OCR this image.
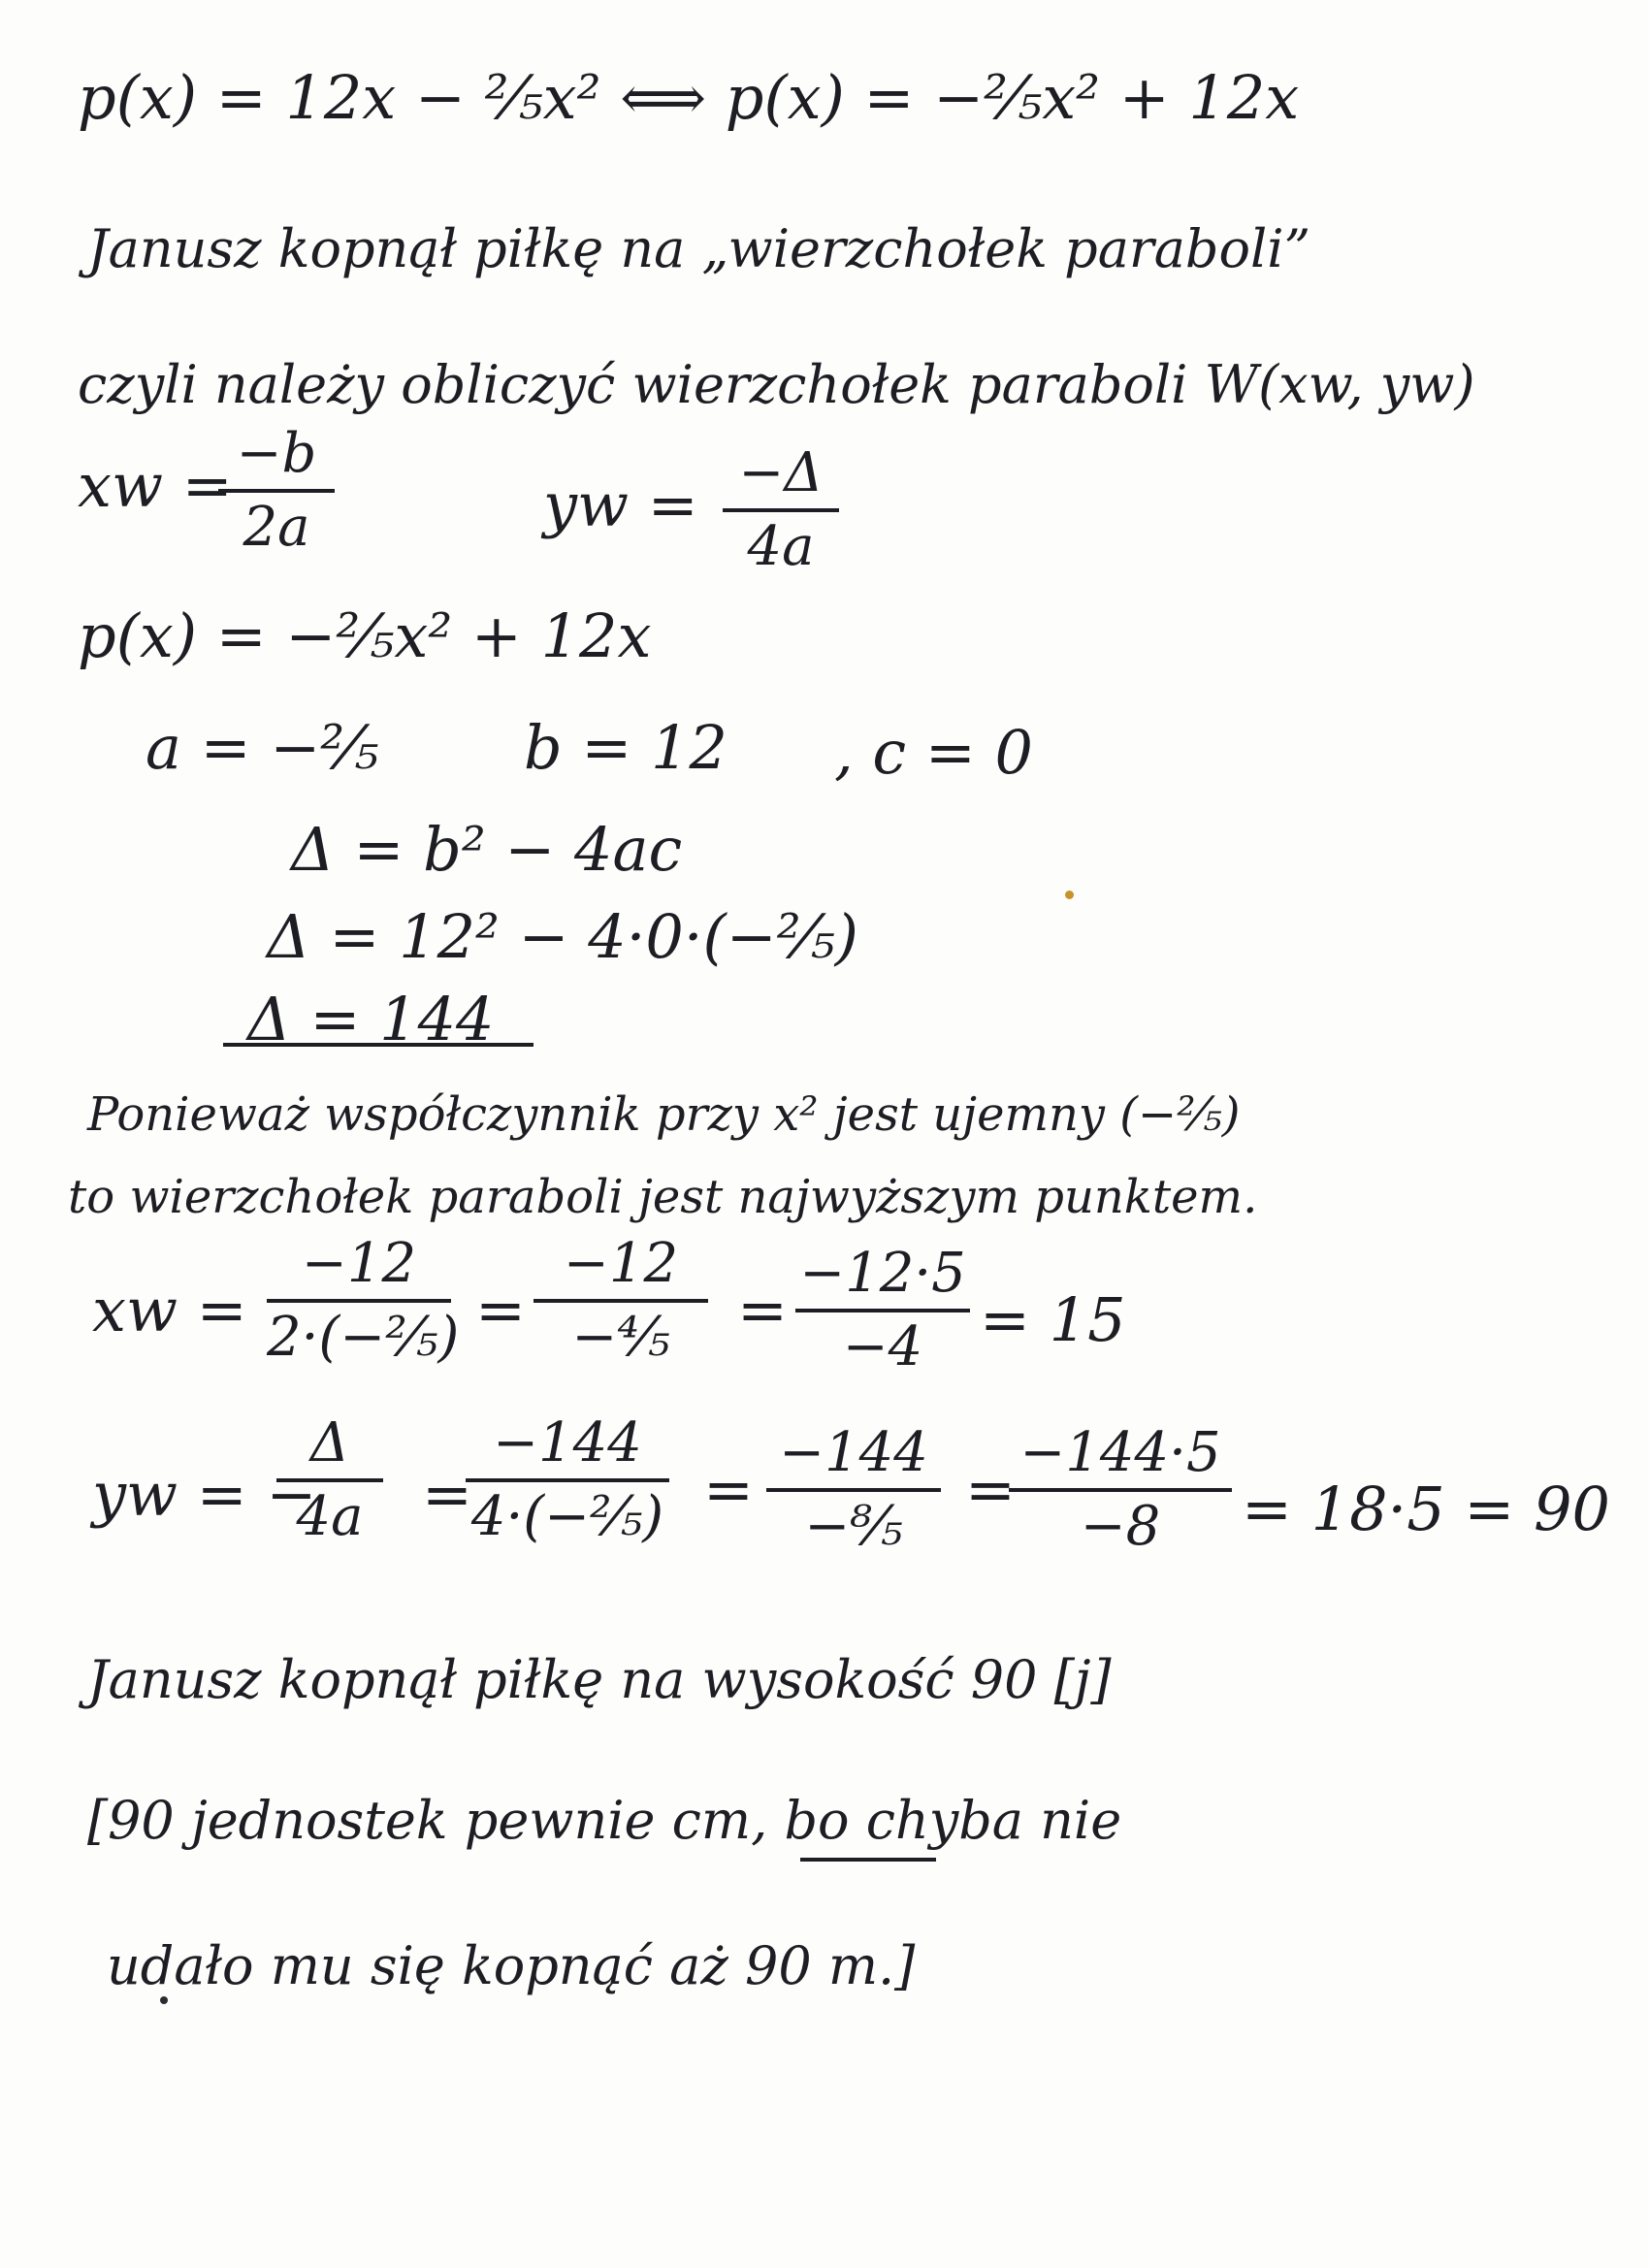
p(x) = 12x − ²⁄₅x² ⟺ p(x) = −²⁄₅x² + 12x
Janusz kopnął piłkę na „wierzchołek paraboli”
czyli należy obliczyć wierzchołek paraboli W(xw, yw)
xw = −b
2a	yw = −Δ
4a
p(x) = −²⁄₅x² + 12x
a = −²⁄₅ b = 12 , c = 0
Δ = b² − 4ac
Δ = 12² − 4·0·(−²⁄₅)
Δ = 144
Ponieważ współczynnik przy x² jest ujemny (−²⁄₅)
to wierzchołek paraboli jest najwyższym punktem.
xw =
−12
2·(−²⁄₅) =
−12
−⁴⁄₅	=
−12·5
−4 = 15
yw = −
Δ
4a =
−144
4·(−²⁄₅) =
−144
−⁸⁄₅
=
−144·5
−8	= 18·5 = 90
Janusz kopnął piłkę na wysokość 90 [j]
[90 jednostek pewnie cm, bo chyba nie
udało mu się kopnąć aż 90 m.]
